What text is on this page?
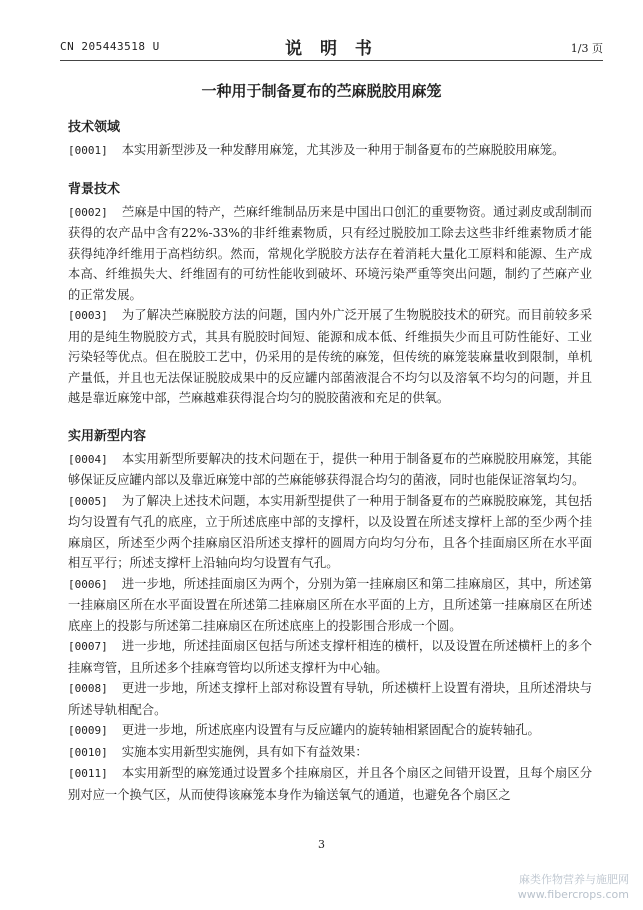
CN 205443518 U	说 明 书	1/3 页
一种用于制备夏布的苎麻脱胶用麻笼
技术领域

[0001] 本实用新型涉及一种发酵用麻笼，尤其涉及一种用于制备夏布的苎麻脱胶用麻笼。

背景技术

[0002] 苎麻是中国的特产，苎麻纤维制品历来是中国出口创汇的重要物资。通过剥皮或刮制而获得的农产品中含有22%-33%的非纤维素物质，只有经过脱胶加工除去这些非纤维素物质才能获得纯净纤维用于高档纺织。然而，常规化学脱胶方法存在着消耗大量化工原料和能源、生产成本高、纤维损失大、纤维固有的可纺性能收到破坏、环境污染严重等突出问题，制约了苎麻产业的正常发展。

[0003] 为了解决苎麻脱胶方法的问题，国内外广泛开展了生物脱胶技术的研究。而目前较多采用的是纯生物脱胶方式，其具有脱胶时间短、能源和成本低、纤维损失少而且可防性能好、工业污染轻等优点。但在脱胶工艺中，仍采用的是传统的麻笼，但传统的麻笼装麻量收到限制，单机产量低，并且也无法保证脱胶成果中的反应罐内部菌液混合不均匀以及溶氧不均匀的问题，并且越是靠近麻笼中部，苎麻越难获得混合均匀的脱胶菌液和充足的供氧。

实用新型内容

[0004] 本实用新型所要解决的技术问题在于，提供一种用于制备夏布的苎麻脱胶用麻笼，其能够保证反应罐内部以及靠近麻笼中部的苎麻能够获得混合均匀的菌液，同时也能保证溶氧均匀。

[0005] 为了解决上述技术问题，本实用新型提供了一种用于制备夏布的苎麻脱胶麻笼，其包括均匀设置有气孔的底座，立于所述底座中部的支撑杆，以及设置在所述支撑杆上部的至少两个挂麻扇区，所述至少两个挂麻扇区沿所述支撑杆的圆周方向均匀分布，且各个挂面扇区所在水平面相互平行；所述支撑杆上沿轴向均匀设置有气孔。

[0006] 进一步地，所述挂面扇区为两个，分别为第一挂麻扇区和第二挂麻扇区，其中，所述第一挂麻扇区所在水平面设置在所述第二挂麻扇区所在水平面的上方，且所述第一挂麻扇区在所述底座上的投影与所述第二挂麻扇区在所述底座上的投影围合形成一个圆。

[0007] 进一步地，所述挂面扇区包括与所述支撑杆相连的横杆，以及设置在所述横杆上的多个挂麻弯管，且所述多个挂麻弯管均以所述支撑杆为中心轴。

[0008] 更进一步地，所述支撑杆上部对称设置有导轨，所述横杆上设置有滑块，且所述滑块与所述导轨相配合。

[0009] 更进一步地，所述底座内设置有与反应罐内的旋转轴相紧固配合的旋转轴孔。

[0010] 实施本实用新型实施例，具有如下有益效果：

[0011] 本实用新型的麻笼通过设置多个挂麻扇区，并且各个扇区之间错开设置，且每个扇区分别对应一个换气区，从而使得该麻笼本身作为输送氧气的通道，也避免各个扇区之

3
麻类作物营养与施肥网
www.fibercrops.com
